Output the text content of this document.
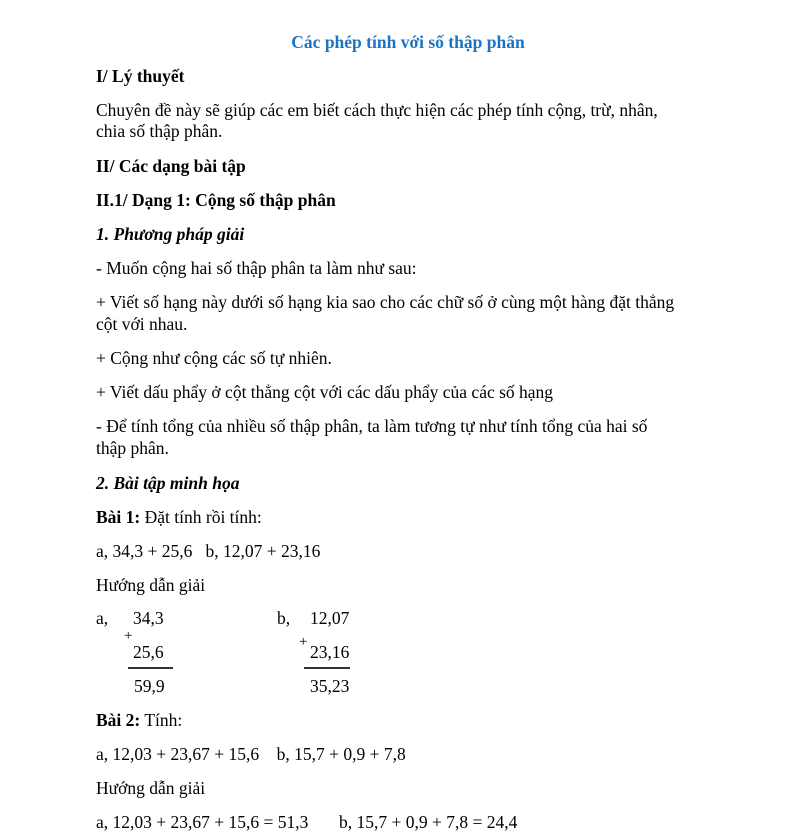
Các phép tính với số thập phân
I/ Lý thuyết
Chuyên đề này sẽ giúp các em biết cách thực hiện các phép tính cộng, trừ, nhân,
chia số thập phân.
II/ Các dạng bài tập
II.1/ Dạng 1: Cộng số thập phân
1. Phương pháp giải
- Muốn cộng hai số thập phân ta làm như sau:
+ Viết số hạng này dưới số hạng kia sao cho các chữ số ở cùng một hàng đặt thẳng
cột với nhau.
+ Cộng như cộng các số tự nhiên.
+ Viết dấu phẩy ở cột thẳng cột với các dấu phẩy của các số hạng
- Để tính tổng của nhiều số thập phân, ta làm tương tự như tính tổng của hai số
thập phân.
2. Bài tập minh họa
Bài 1: Đặt tính rồi tính:
a, 34,3 + 25,6   b, 12,07 + 23,16
Hướng dẫn giải
a, 34,3
+
25,6
59,9
b, 12,07
+ 23,16
35,23
Bài 2: Tính:
a, 12,03 + 23,67 + 15,6    b, 15,7 + 0,9 + 7,8
Hướng dẫn giải
a, 12,03 + 23,67 + 15,6 = 51,3       b, 15,7 + 0,9 + 7,8 = 24,4
